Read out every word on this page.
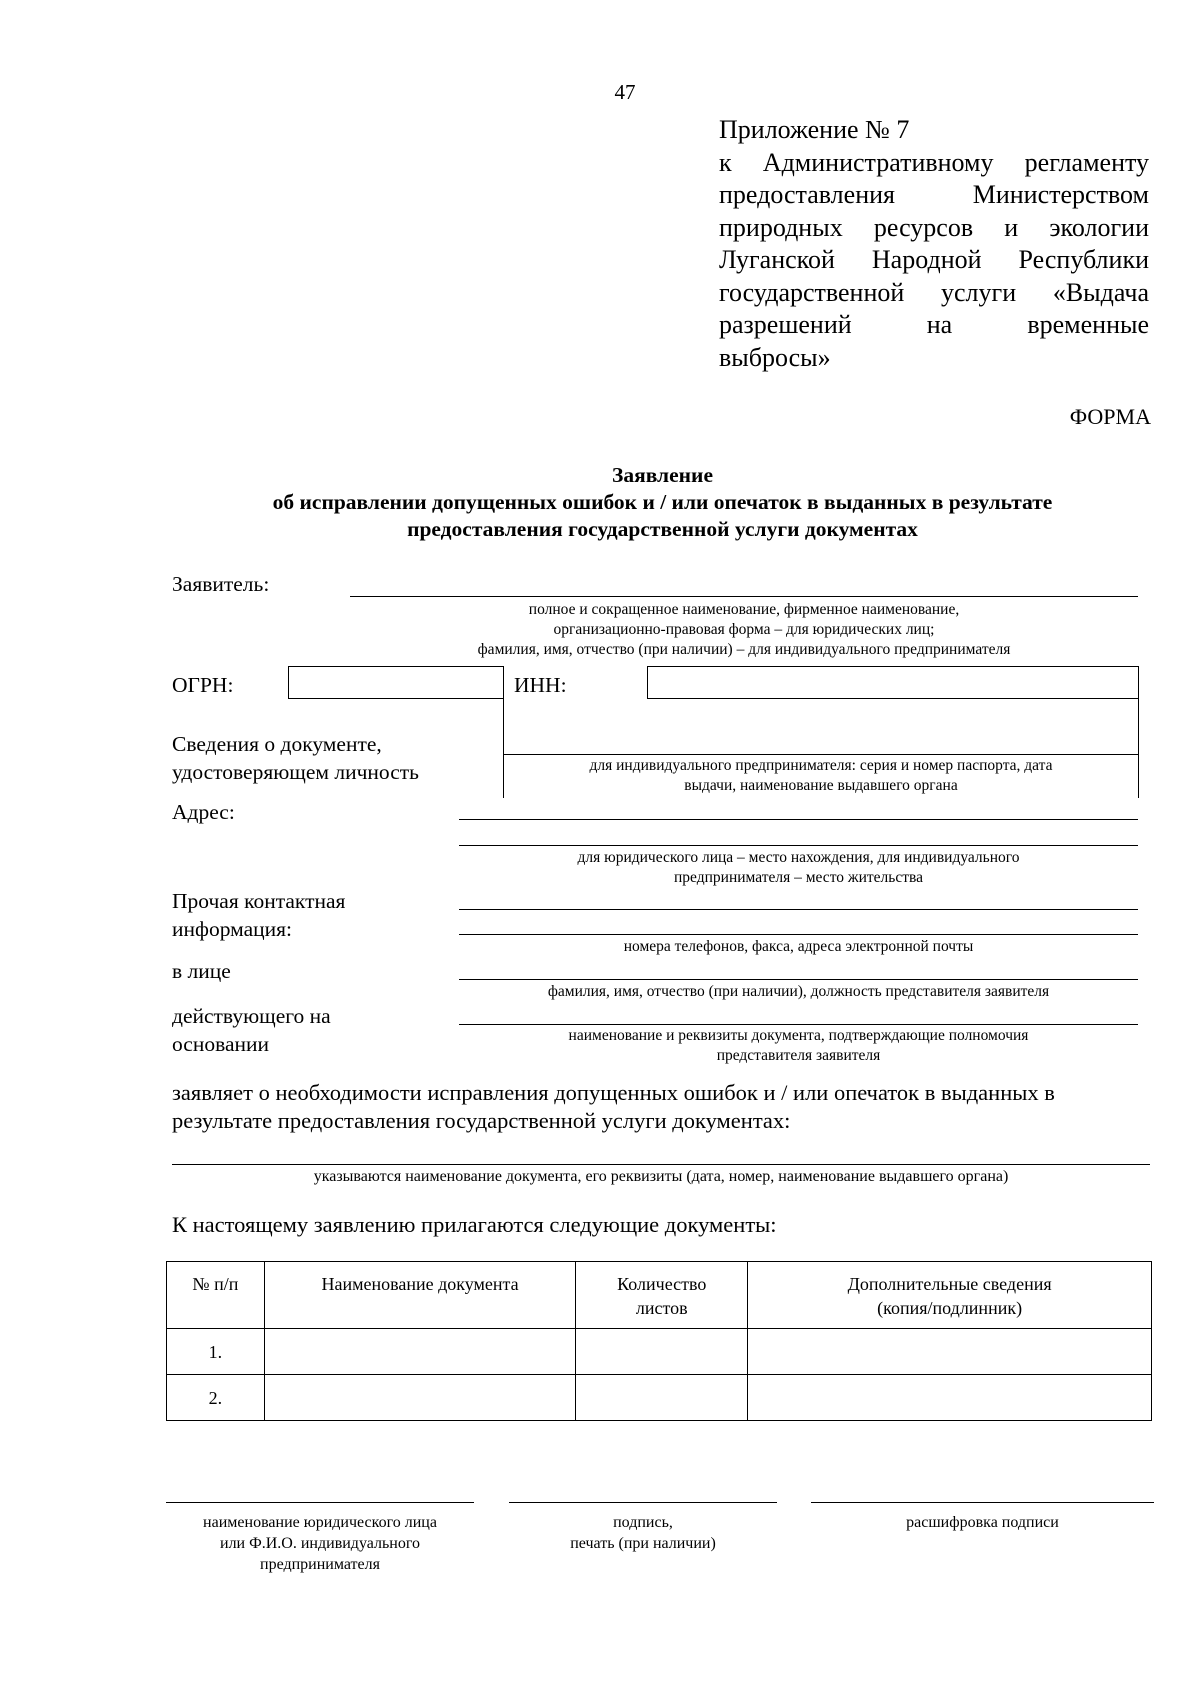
47
Приложение № 7
к Административному регламенту
предоставления Министерством
природных ресурсов и экологии
Луганской Народной Республики
государственной услуги «Выдача
разрешений на временные
выбросы»
ФОРМА
Заявление
об исправлении допущенных ошибок и / или опечаток в выданных в результате
предоставления государственной услуги документах
Заявитель:
полное и сокращенное наименование, фирменное наименование,
организационно-правовая форма – для юридических лиц;
фамилия, имя, отчество (при наличии) – для индивидуального предпринимателя
ОГРН:	ИНН:
Сведения о документе,
удостоверяющем личность	для индивидуального предпринимателя: серия и номер паспорта, дата
выдачи, наименование выдавшего органа
Адрес:
для юридического лица – место нахождения, для индивидуального
предпринимателя – место жительства
Прочая контактная
информация:
номера телефонов, факса, адреса электронной почты
в лице
фамилия, имя, отчество (при наличии), должность представителя заявителя
действующего на
основании	наименование и реквизиты документа, подтверждающие полномочия
представителя заявителя
заявляет о необходимости исправления допущенных ошибок и / или опечаток в выданных в результате предоставления государственной услуги документах:
указываются наименование документа, его реквизиты (дата, номер, наименование выдавшего органа)
К настоящему заявлению прилагаются следующие документы:
№ п/п	Наименование документа	Количество листов	Дополнительные сведения (копия/подлинник)
1.			
2.			
наименование юридического лица
или Ф.И.О. индивидуального
предпринимателя
подпись,
печать (при наличии)
расшифровка подписи
